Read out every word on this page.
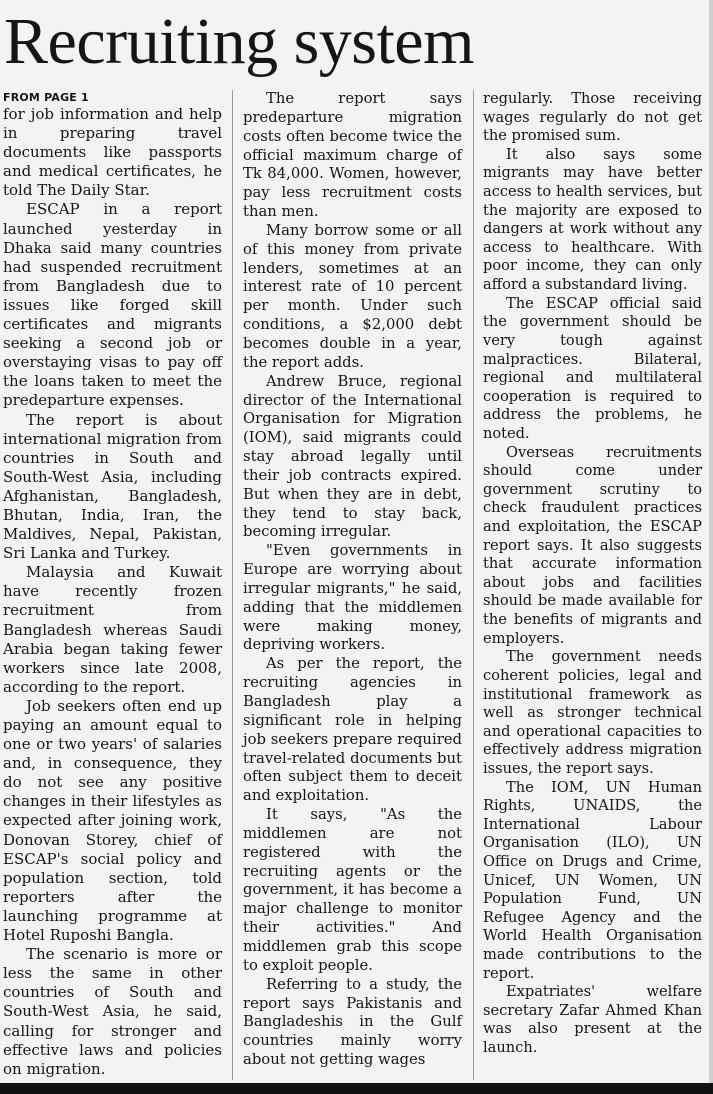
Recruiting system
FROM PAGE 1

for job information and help in preparing travel documents like passports and medical certificates, he told The Daily Star.

ESCAP in a report launched yesterday in Dhaka said many countries had suspended recruitment from Bangladesh due to issues like forged skill certificates and migrants seeking a second job or overstaying visas to pay off the loans taken to meet the predeparture expenses.

The report is about international migration from countries in South and South-West Asia, including Afghanistan, Bangladesh, Bhutan, India, Iran, the Maldives, Nepal, Pakistan, Sri Lanka and Turkey.

Malaysia and Kuwait have recently frozen recruitment from Bangladesh whereas Saudi Arabia began taking fewer workers since late 2008, according to the report.

Job seekers often end up paying an amount equal to one or two years' of salaries and, in consequence, they do not see any positive changes in their lifestyles as expected after joining work, Donovan Storey, chief of ESCAP's social policy and population section, told reporters after the launching programme at Hotel Ruposhi Bangla.

The scenario is more or less the same in other countries of South and South-West Asia, he said, calling for stronger and effective laws and policies on migration.

The report says predeparture migration costs often become twice the official maximum charge of Tk 84,000. Women, however, pay less recruitment costs than men.

Many borrow some or all of this money from private lenders, sometimes at an interest rate of 10 percent per month. Under such conditions, a $2,000 debt becomes double in a year, the report adds.

Andrew Bruce, regional director of the International Organisation for Migration (IOM), said migrants could stay abroad legally until their job contracts expired. But when they are in debt, they tend to stay back, becoming irregular.

"Even governments in Europe are worrying about irregular migrants," he said, adding that the middlemen were making money, depriving workers.

As per the report, the recruiting agencies in Bangladesh play a significant role in helping job seekers prepare required travel-related documents but often subject them to deceit and exploitation.

It says, "As the middlemen are not registered with the recruiting agents or the government, it has become a major challenge to monitor their activities." And middlemen grab this scope to exploit people.

Referring to a study, the report says Pakistanis and Bangladeshis in the Gulf countries mainly worry about not getting wages

regularly. Those receiving wages regularly do not get the promised sum.

It also says some migrants may have better access to health services, but the majority are exposed to dangers at work without any access to healthcare. With poor income, they can only afford a substandard living.

The ESCAP official said the government should be very tough against malpractices. Bilateral, regional and multilateral cooperation is required to address the problems, he noted.

Overseas recruitments should come under government scrutiny to check fraudulent practices and exploitation, the ESCAP report says. It also suggests that accurate information about jobs and facilities should be made available for the benefits of migrants and employers.

The government needs coherent policies, legal and institutional framework as well as stronger technical and operational capacities to effectively address migration issues, the report says.

The IOM, UN Human Rights, UNAIDS, the International Labour Organisation (ILO), UN Office on Drugs and Crime, Unicef, UN Women, UN Population Fund, UN Refugee Agency and the World Health Organisation made contributions to the report.

Expatriates' welfare secretary Zafar Ahmed Khan was also present at the launch.
